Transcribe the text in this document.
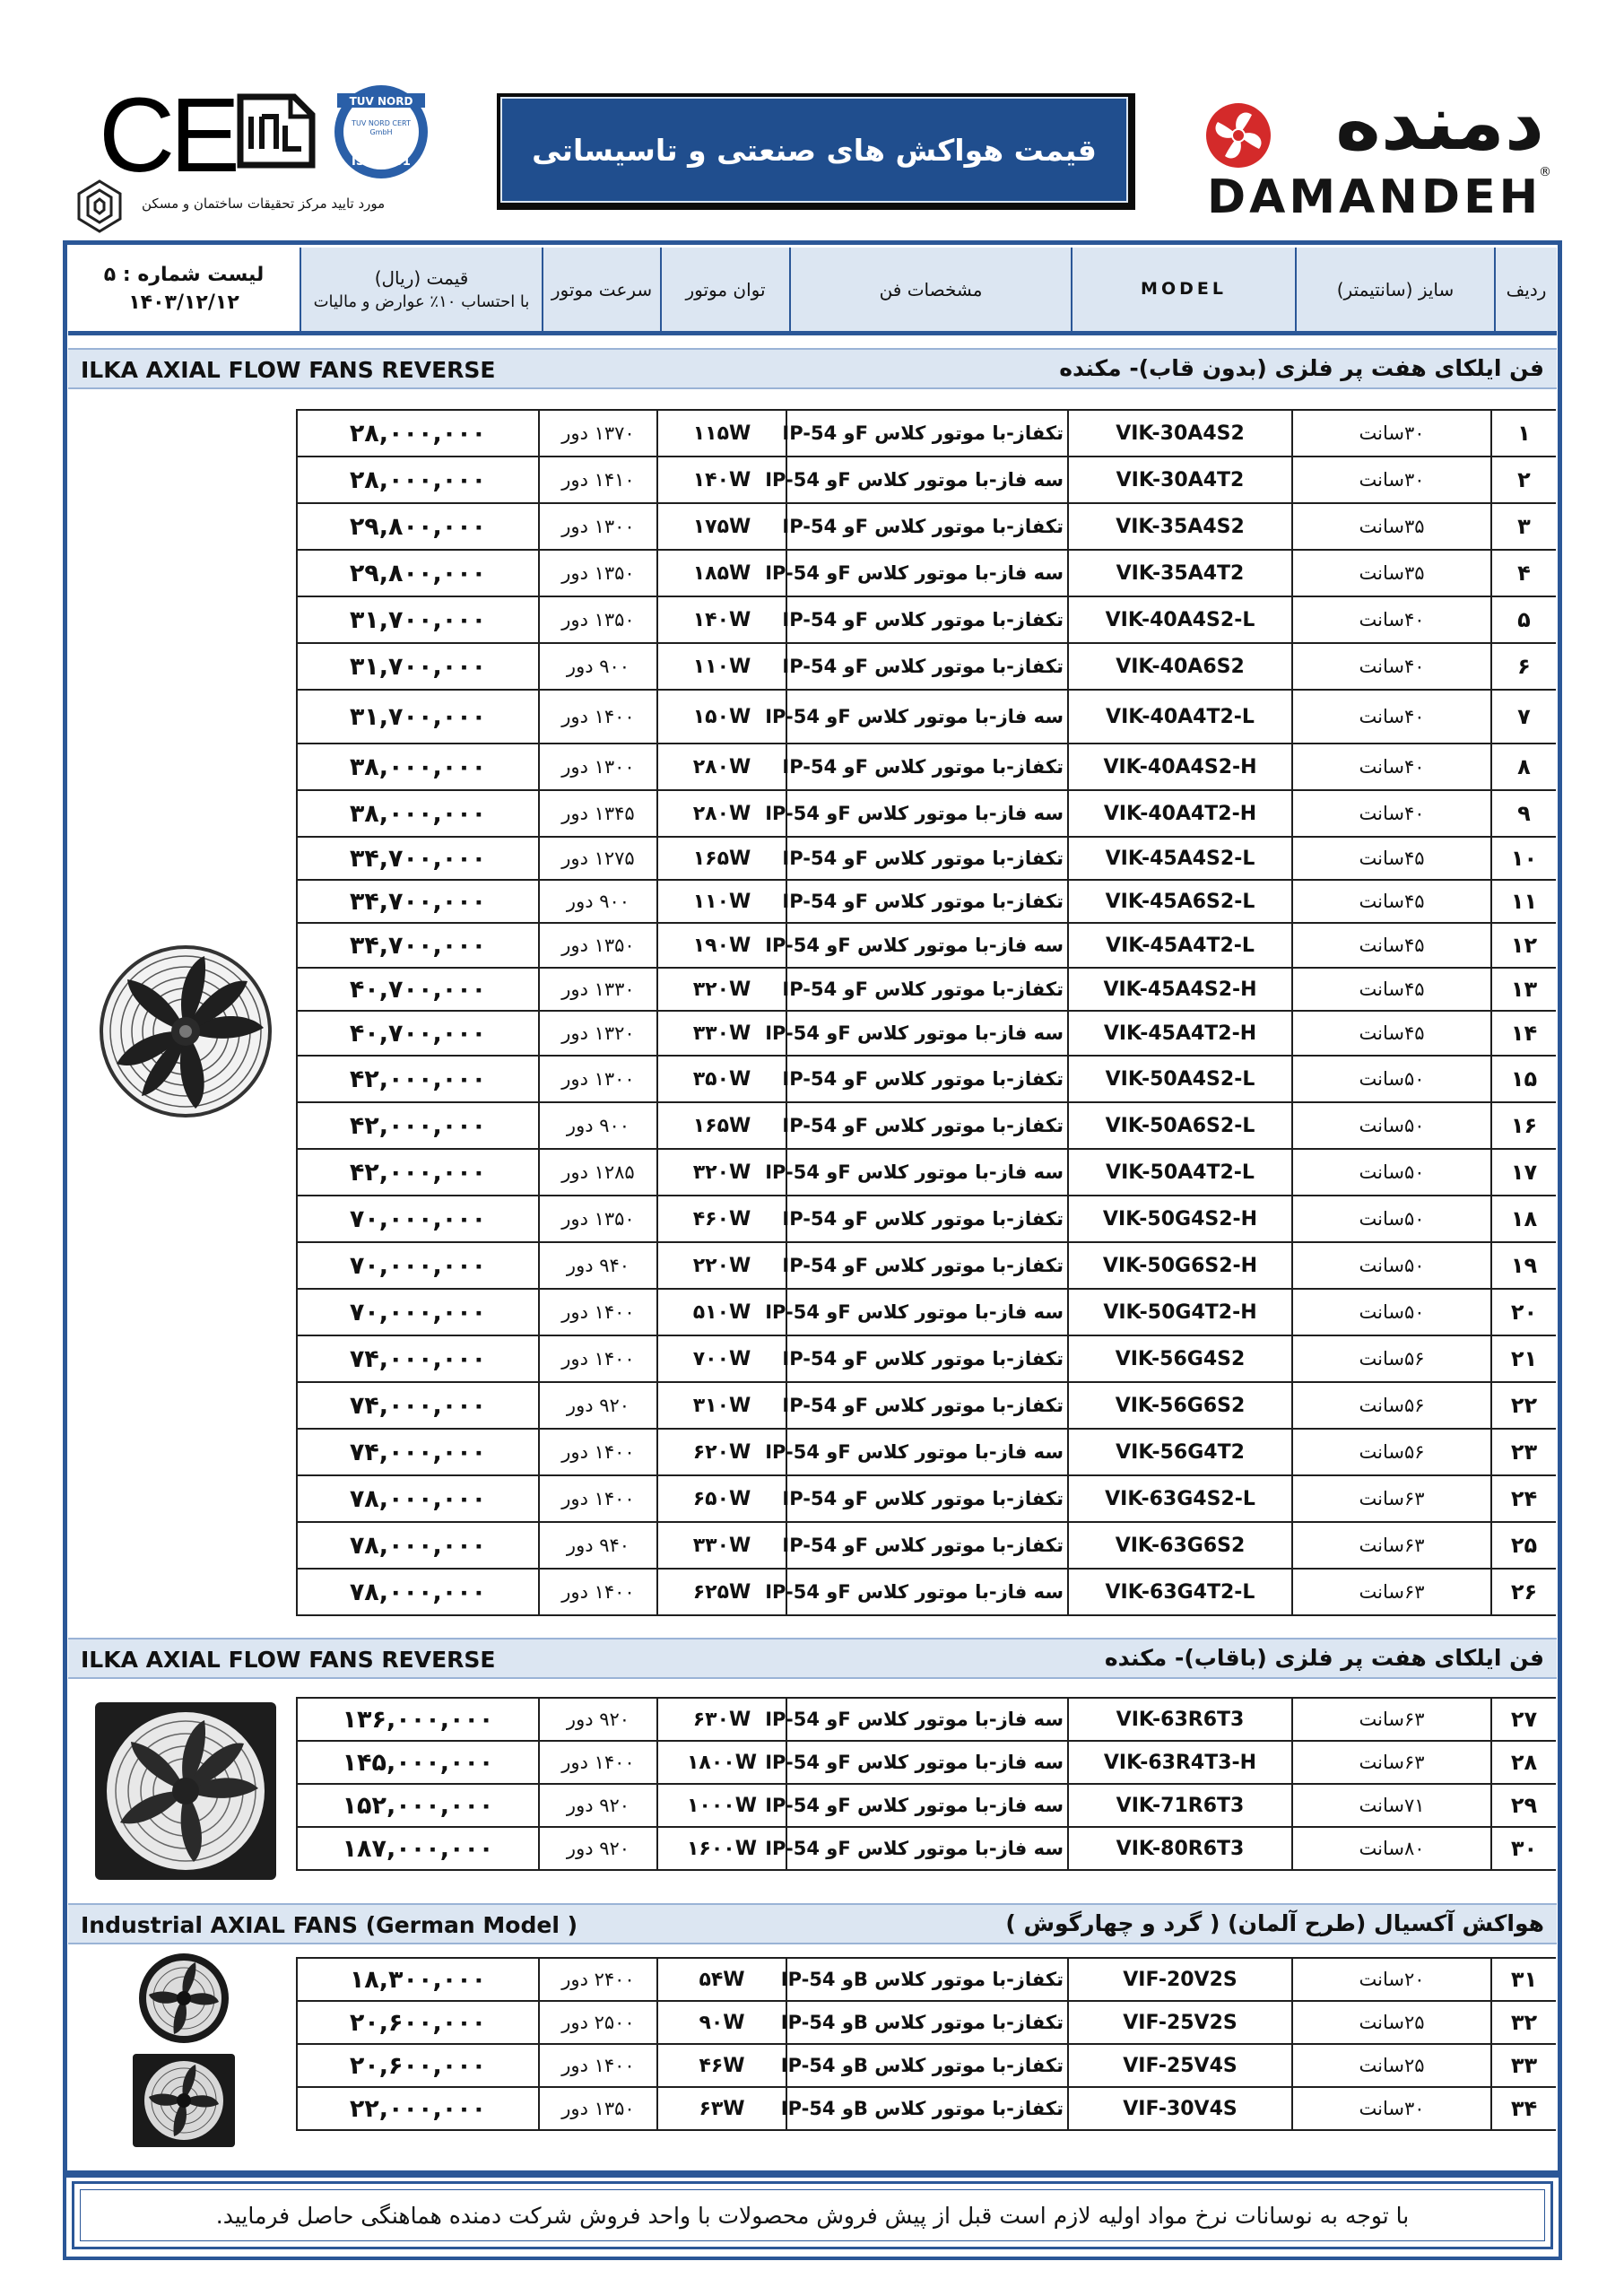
CE	TUV NORD
TUV NORD CERT
GmbH
ISO 9001
مورد تایید مرکز تحقیقات ساختمان و مسکن
قیمت هواکش های صنعتی و تاسیساتی	دمنده
DAMANDEH
®
لیست شماره : ۵
۱۴۰۳/۱۲/۱۲
قیمت (ریال)
با احتساب ۱۰٪ عوارض و مالیات
سرعت موتور	توان موتور	مشخصات فن	MODEL	سایز (سانتیمتر)	ردیف
ILKA AXIAL FLOW FANS REVERSE	فن ایلکای هفت پر فلزی (بدون قاب)- مکنده
۲۸,۰۰۰,۰۰۰	۱۳۷۰ دور	۱۱۵W	تکفاز-با موتور کلاس Fو IP-54	VIK-30A4S2	۳۰سانت	۱
۲۸,۰۰۰,۰۰۰	۱۴۱۰ دور	۱۴۰W	سه فاز-با موتور کلاس Fو IP-54	VIK-30A4T2	۳۰سانت	۲
۲۹,۸۰۰,۰۰۰	۱۳۰۰ دور	۱۷۵W	تکفاز-با موتور کلاس Fو IP-54	VIK-35A4S2	۳۵سانت	۳
۲۹,۸۰۰,۰۰۰	۱۳۵۰ دور	۱۸۵W	سه فاز-با موتور کلاس Fو IP-54	VIK-35A4T2	۳۵سانت	۴
۳۱,۷۰۰,۰۰۰	۱۳۵۰ دور	۱۴۰W	تکفاز-با موتور کلاس Fو IP-54	VIK-40A4S2-L	۴۰سانت	۵
۳۱,۷۰۰,۰۰۰	۹۰۰ دور	۱۱۰W	تکفاز-با موتور کلاس Fو IP-54	VIK-40A6S2	۴۰سانت	۶
۳۱,۷۰۰,۰۰۰	۱۴۰۰ دور	۱۵۰W	سه فاز-با موتور کلاس Fو IP-54	VIK-40A4T2-L	۴۰سانت	۷
۳۸,۰۰۰,۰۰۰	۱۳۰۰ دور	۲۸۰W	تکفاز-با موتور کلاس Fو IP-54	VIK-40A4S2-H	۴۰سانت	۸
۳۸,۰۰۰,۰۰۰	۱۳۴۵ دور	۲۸۰W	سه فاز-با موتور کلاس Fو IP-54	VIK-40A4T2-H	۴۰سانت	۹
۳۴,۷۰۰,۰۰۰	۱۲۷۵ دور	۱۶۵W	تکفاز-با موتور کلاس Fو IP-54	VIK-45A4S2-L	۴۵سانت	۱۰
۳۴,۷۰۰,۰۰۰	۹۰۰ دور	۱۱۰W	تکفاز-با موتور کلاس Fو IP-54	VIK-45A6S2-L	۴۵سانت	۱۱
۳۴,۷۰۰,۰۰۰	۱۳۵۰ دور	۱۹۰W	سه فاز-با موتور کلاس Fو IP-54	VIK-45A4T2-L	۴۵سانت	۱۲
۴۰,۷۰۰,۰۰۰	۱۳۳۰ دور	۳۲۰W	تکفاز-با موتور کلاس Fو IP-54	VIK-45A4S2-H	۴۵سانت	۱۳
۴۰,۷۰۰,۰۰۰	۱۳۲۰ دور	۳۳۰W	سه فاز-با موتور کلاس Fو IP-54	VIK-45A4T2-H	۴۵سانت	۱۴
۴۲,۰۰۰,۰۰۰	۱۳۰۰ دور	۳۵۰W	تکفاز-با موتور کلاس Fو IP-54	VIK-50A4S2-L	۵۰سانت	۱۵
۴۲,۰۰۰,۰۰۰	۹۰۰ دور	۱۶۵W	تکفاز-با موتور کلاس Fو IP-54	VIK-50A6S2-L	۵۰سانت	۱۶
۴۲,۰۰۰,۰۰۰	۱۲۸۵ دور	۳۲۰W	سه فاز-با موتور کلاس Fو IP-54	VIK-50A4T2-L	۵۰سانت	۱۷
۷۰,۰۰۰,۰۰۰	۱۳۵۰ دور	۴۶۰W	تکفاز-با موتور کلاس Fو IP-54	VIK-50G4S2-H	۵۰سانت	۱۸
۷۰,۰۰۰,۰۰۰	۹۴۰ دور	۲۲۰W	تکفاز-با موتور کلاس Fو IP-54	VIK-50G6S2-H	۵۰سانت	۱۹
۷۰,۰۰۰,۰۰۰	۱۴۰۰ دور	۵۱۰W	سه فاز-با موتور کلاس Fو IP-54	VIK-50G4T2-H	۵۰سانت	۲۰
۷۴,۰۰۰,۰۰۰	۱۴۰۰ دور	۷۰۰W	تکفاز-با موتور کلاس Fو IP-54	VIK-56G4S2	۵۶سانت	۲۱
۷۴,۰۰۰,۰۰۰	۹۲۰ دور	۳۱۰W	تکفاز-با موتور کلاس Fو IP-54	VIK-56G6S2	۵۶سانت	۲۲
۷۴,۰۰۰,۰۰۰	۱۴۰۰ دور	۶۲۰W	سه فاز-با موتور کلاس Fو IP-54	VIK-56G4T2	۵۶سانت	۲۳
۷۸,۰۰۰,۰۰۰	۱۴۰۰ دور	۶۵۰W	تکفاز-با موتور کلاس Fو IP-54	VIK-63G4S2-L	۶۳سانت	۲۴
۷۸,۰۰۰,۰۰۰	۹۴۰ دور	۳۳۰W	تکفاز-با موتور کلاس Fو IP-54	VIK-63G6S2	۶۳سانت	۲۵
۷۸,۰۰۰,۰۰۰	۱۴۰۰ دور	۶۲۵W	سه فاز-با موتور کلاس Fو IP-54	VIK-63G4T2-L	۶۳سانت	۲۶
ILKA AXIAL FLOW FANS REVERSE	فن ایلکای هفت پر فلزی (باقاب)- مکنده
۱۳۶,۰۰۰,۰۰۰	۹۲۰ دور	۶۳۰W	سه فاز-با موتور کلاس Fو IP-54	VIK-63R6T3	۶۳سانت	۲۷
۱۴۵,۰۰۰,۰۰۰	۱۴۰۰ دور	۱۸۰۰W	سه فاز-با موتور کلاس Fو IP-54	VIK-63R4T3-H	۶۳سانت	۲۸
۱۵۲,۰۰۰,۰۰۰	۹۲۰ دور	۱۰۰۰W	سه فاز-با موتور کلاس Fو IP-54	VIK-71R6T3	۷۱سانت	۲۹
۱۸۷,۰۰۰,۰۰۰	۹۲۰ دور	۱۶۰۰W	سه فاز-با موتور کلاس Fو IP-54	VIK-80R6T3	۸۰سانت	۳۰
Industrial AXIAL FANS (German Model )	هواکش آکسیال (طرح آلمان) ( گرد و چهارگوش )
۱۸,۳۰۰,۰۰۰	۲۴۰۰ دور	۵۴W	تکفاز-با موتور کلاس Bو IP-54	VIF-20V2S	۲۰سانت	۳۱
۲۰,۶۰۰,۰۰۰	۲۵۰۰ دور	۹۰W	تکفاز-با موتور کلاس Bو IP-54	VIF-25V2S	۲۵سانت	۳۲
۲۰,۶۰۰,۰۰۰	۱۴۰۰ دور	۴۶W	تکفاز-با موتور کلاس Bو IP-54	VIF-25V4S	۲۵سانت	۳۳
۲۲,۰۰۰,۰۰۰	۱۳۵۰ دور	۶۳W	تکفاز-با موتور کلاس Bو IP-54	VIF-30V4S	۳۰سانت	۳۴
با توجه به نوسانات نرخ مواد اولیه لازم است قبل از پیش فروش محصولات با واحد فروش شرکت دمنده هماهنگی حاصل فرمایید.
